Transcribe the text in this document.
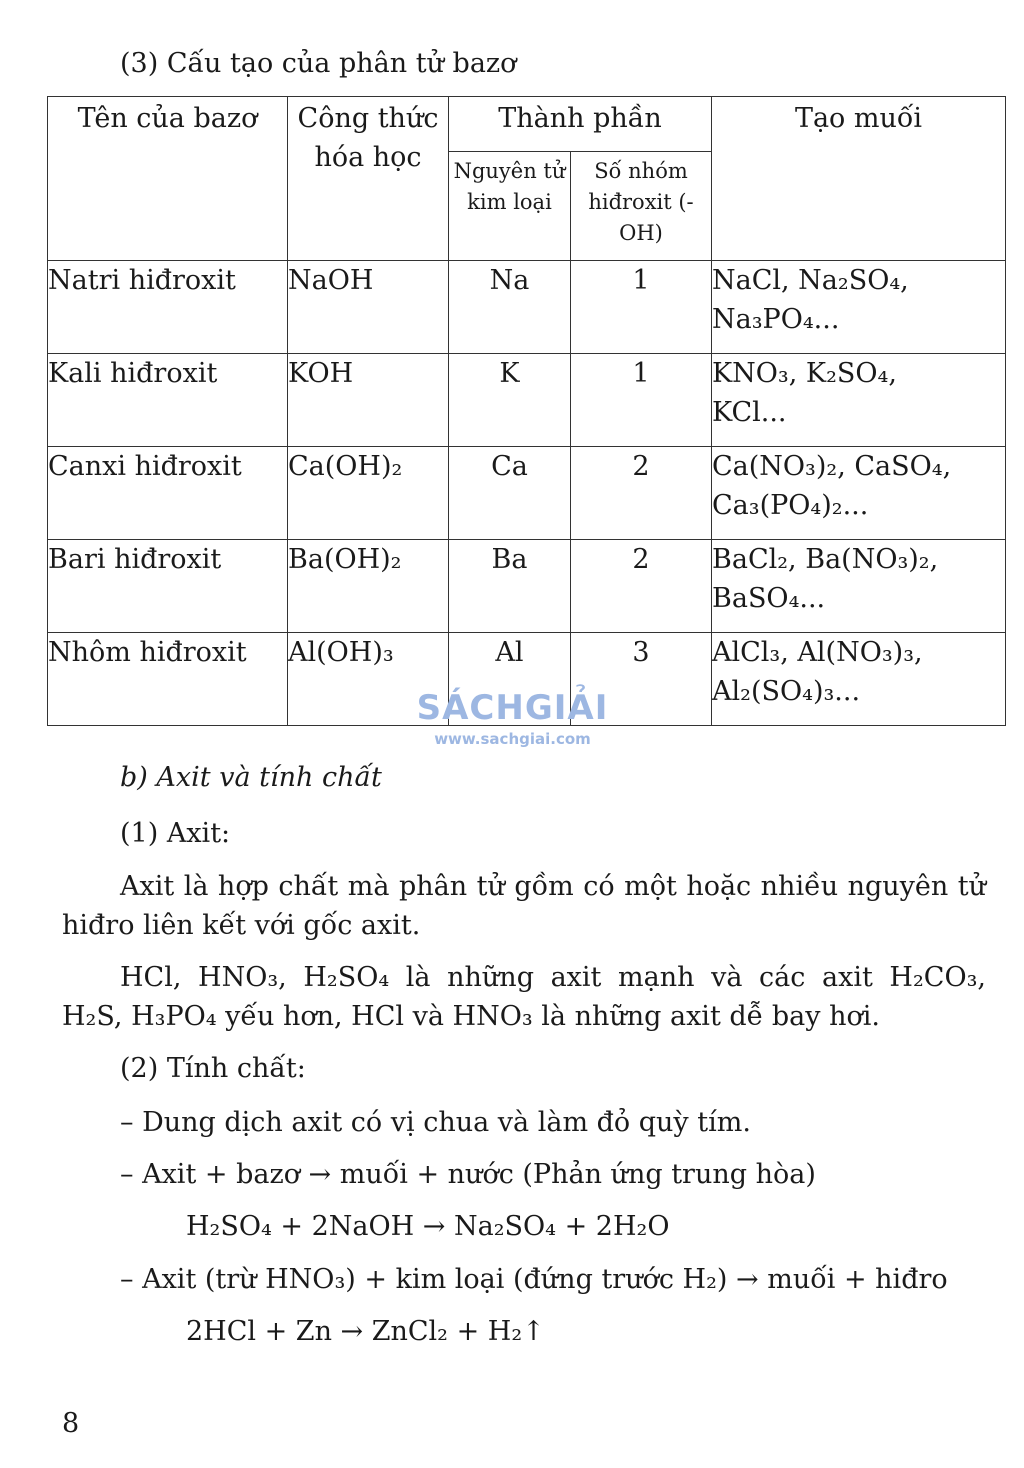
(3) Cấu tạo của phân tử bazơ
Tên của bazơ	Công thức hóa học	Thành phần		Tạo muối

		Nguyên tử kim loại	Số nhóm hiđroxit (-OH)	

Natri hiđroxit	NaOH	Na	1	NaCl, Na₂SO₄,
Na₃PO₄...

Kali hiđroxit	KOH	K	1	KNO₃, K₂SO₄,
KCl...

Canxi hiđroxit	Ca(OH)₂	Ca	2	Ca(NO₃)₂, CaSO₄,
Ca₃(PO₄)₂...

Bari hiđroxit	Ba(OH)₂	Ba	2	BaCl₂, Ba(NO₃)₂,
BaSO₄...

Nhôm hiđroxit	Al(OH)₃	Al	3	AlCl₃, Al(NO₃)₃,
Al₂(SO₄)₃...
SÁCHGIẢI
www.sachgiai.com
b) Axit và tính chất
(1) Axit:
Axit là hợp chất mà phân tử gồm có một hoặc nhiều nguyên tử
hiđro liên kết với gốc axit.
HCl, HNO₃, H₂SO₄ là những axit mạnh và các axit H₂CO₃,
H₂S, H₃PO₄ yếu hơn, HCl và HNO₃ là những axit dễ bay hơi.
(2) Tính chất:
– Dung dịch axit có vị chua và làm đỏ quỳ tím.
– Axit + bazơ → muối + nước (Phản ứng trung hòa)
H₂SO₄ + 2NaOH → Na₂SO₄ + 2H₂O
– Axit (trừ HNO₃) + kim loại (đứng trước H₂) → muối + hiđro
2HCl + Zn → ZnCl₂ + H₂↑
8
